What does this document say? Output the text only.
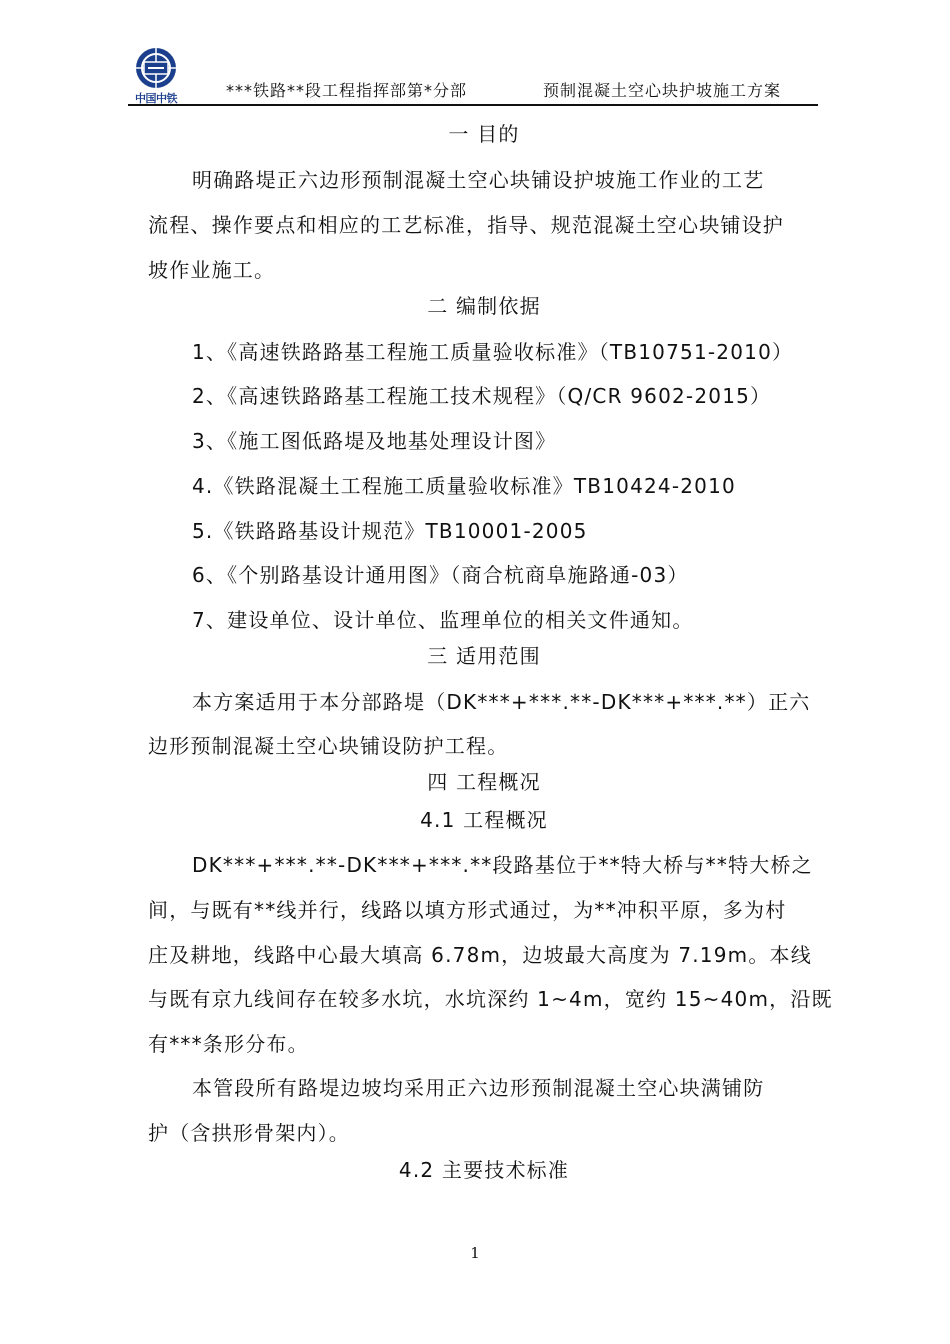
中国中铁	***铁路**段工程指挥部第*分部	预制混凝土空心块护坡施工方案
一 目的
明确路堤正六边形预制混凝土空心块铺设护坡施工作业的工艺
流程、操作要点和相应的工艺标准，指导、规范混凝土空心块铺设护
坡作业施工。
二 编制依据
1、《高速铁路路基工程施工质量验收标准》（TB10751-2010）
2、《高速铁路路基工程施工技术规程》（Q/CR 9602-2015）
3、《施工图低路堤及地基处理设计图》
4.《铁路混凝土工程施工质量验收标准》TB10424-2010
5.《铁路路基设计规范》TB10001-2005
6、《个别路基设计通用图》（商合杭商阜施路通-03）
7、建设单位、设计单位、监理单位的相关文件通知。
三 适用范围
本方案适用于本分部路堤（DK***+***.**-DK***+***.**）正六
边形预制混凝土空心块铺设防护工程。
四 工程概况
4.1 工程概况
DK***+***.**-DK***+***.**段路基位于**特大桥与**特大桥之
间，与既有**线并行，线路以填方形式通过，为**冲积平原，多为村
庄及耕地，线路中心最大填高 6.78m，边坡最大高度为 7.19m。本线
与既有京九线间存在较多水坑，水坑深约 1~4m，宽约 15~40m，沿既
有***条形分布。
本管段所有路堤边坡均采用正六边形预制混凝土空心块满铺防
护（含拱形骨架内）。
4.2 主要技术标准
1
